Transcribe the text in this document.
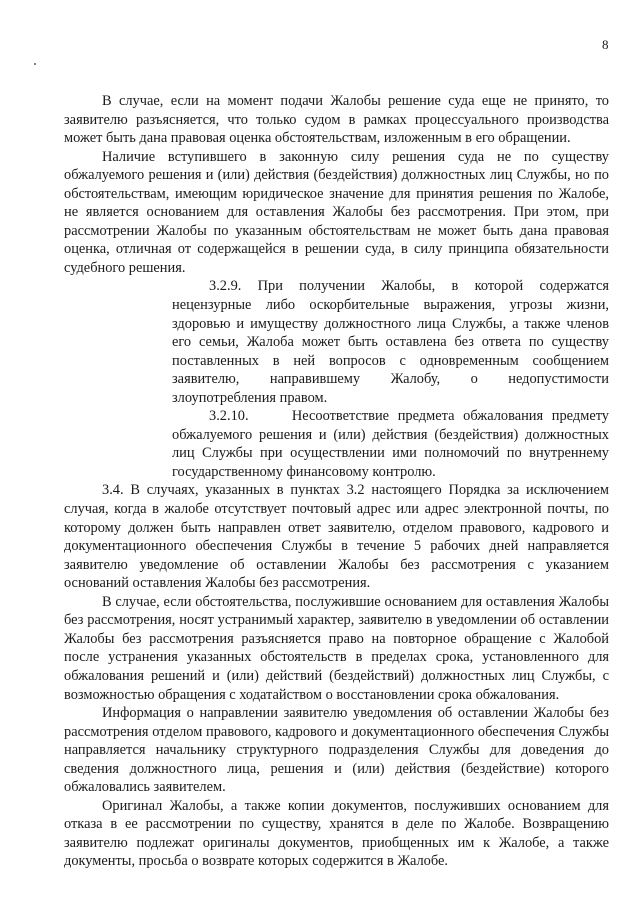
8

В случае, если на момент подачи Жалобы решение суда еще не принято, то заявителю разъясняется, что только судом в рамках процессуального производства может быть дана правовая оценка обстоятельствам, изложенным в его обращении.

Наличие вступившего в законную силу решения суда не по существу обжалуемого решения и (или) действия (бездействия) должностных лиц Службы, но по обстоятельствам, имеющим юридическое значение для принятия решения по Жалобе, не является основанием для оставления Жалобы без рассмотрения. При этом, при рассмотрении Жалобы по указанным обстоятельствам не может быть дана правовая оценка, отличная от содержащейся в решении суда, в силу принципа обязательности судебного решения.

3.2.9. При получении Жалобы, в которой содержатся нецензурные либо оскорбительные выражения, угрозы жизни, здоровью и имуществу должностного лица Службы, а также членов его семьи, Жалоба может быть оставлена без ответа по существу поставленных в ней вопросов с одновременным сообщением заявителю, направившему Жалобу, о недопустимости злоупотребления правом.

3.2.10.     Несоответствие предмета обжалования предмету обжалуемого решения и (или) действия (бездействия) должностных лиц Службы при осуществлении ими полномочий по внутреннему государственному финансовому контролю.

3.4. В случаях, указанных в пунктах 3.2 настоящего Порядка за исключением случая, когда в жалобе отсутствует почтовый адрес или адрес электронной почты, по которому должен быть направлен ответ заявителю, отделом правового, кадрового и документационного обеспечения Службы в течение 5 рабочих дней направляется заявителю уведомление об оставлении Жалобы без рассмотрения с указанием оснований оставления Жалобы без рассмотрения.

В случае, если обстоятельства, послужившие основанием для оставления Жалобы без рассмотрения, носят устранимый характер, заявителю в уведомлении об оставлении Жалобы без рассмотрения разъясняется право на повторное обращение с Жалобой после устранения указанных обстоятельств в пределах срока, установленного для обжалования решений и (или) действий (бездействий) должностных лиц Службы, с возможностью обращения с ходатайством о восстановлении срока обжалования.

Информация о направлении заявителю уведомления об оставлении Жалобы без рассмотрения отделом правового, кадрового и документационного обеспечения Службы направляется начальнику структурного подразделения Службы для доведения до сведения должностного лица, решения и (или) действия (бездействие) которого обжаловались заявителем.

Оригинал Жалобы, а также копии документов, послуживших основанием для отказа в ее рассмотрении по существу, хранятся в деле по Жалобе. Возвращению заявителю подлежат оригиналы документов, приобщенных им к Жалобе, а также документы, просьба о возврате которых содержится в Жалобе.
